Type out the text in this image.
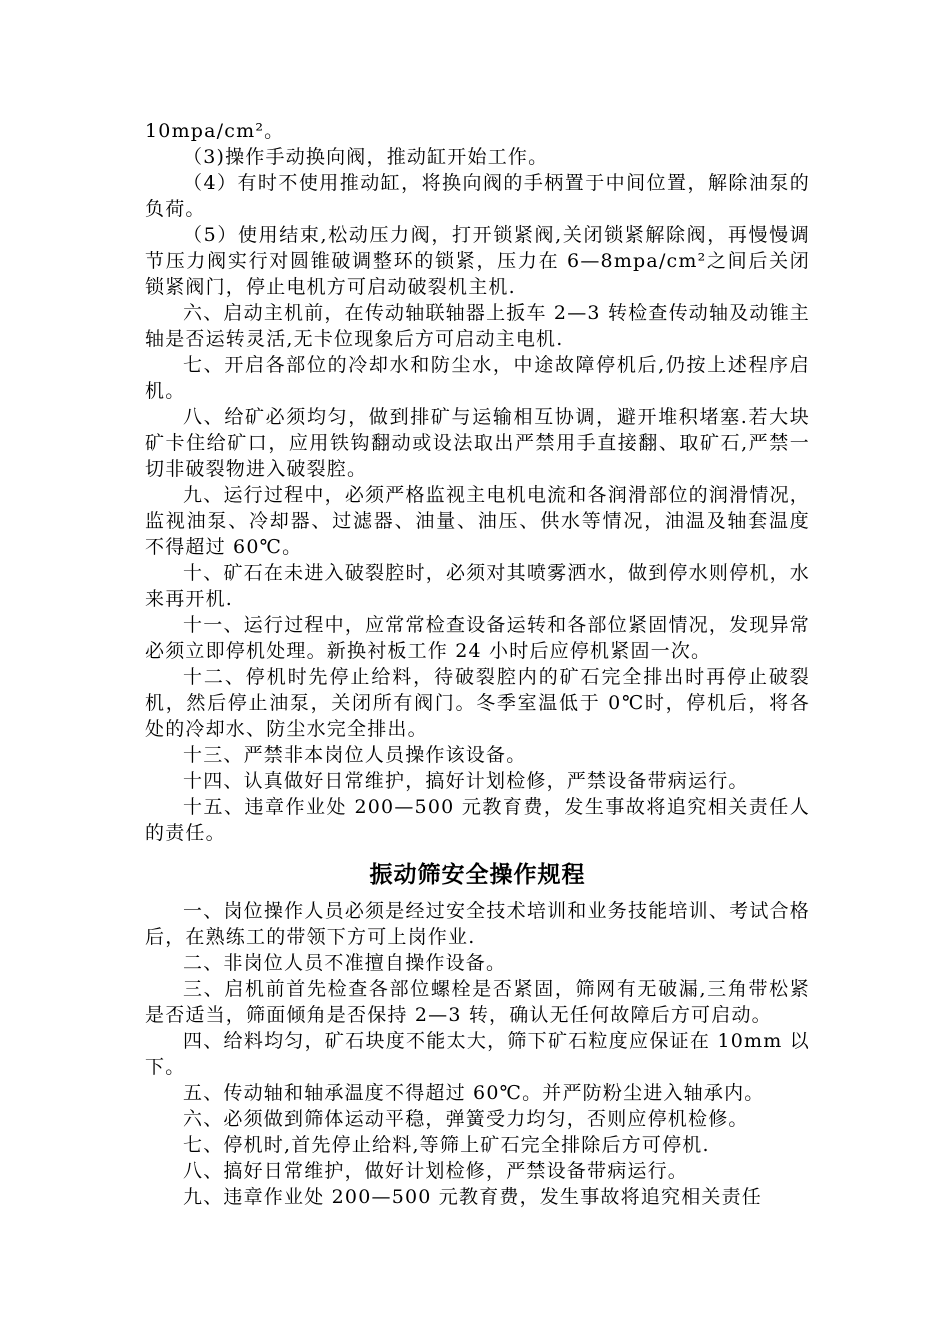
10mpa/cm²。

（3)操作手动换向阀，推动缸开始工作。

（4）有时不使用推动缸，将换向阀的手柄置于中间位置，解除油泵的负荷。

（5）使用结束,松动压力阀，打开锁紧阀,关闭锁紧解除阀，再慢慢调节压力阀实行对圆锥破调整环的锁紧，压力在 6—8mpa/cm²之间后关闭锁紧阀门，停止电机方可启动破裂机主机.

六、启动主机前，在传动轴联轴器上扳车 2—3 转检查传动轴及动锥主轴是否运转灵活,无卡位现象后方可启动主电机.

七、开启各部位的冷却水和防尘水，中途故障停机后,仍按上述程序启机。

八、给矿必须均匀，做到排矿与运输相互协调，避开堆积堵塞.若大块矿卡住给矿口，应用铁钩翻动或设法取出严禁用手直接翻、取矿石,严禁一切非破裂物进入破裂腔。

九、运行过程中，必须严格监视主电机电流和各润滑部位的润滑情况，监视油泵、冷却器、过滤器、油量、油压、供水等情况，油温及轴套温度不得超过 60℃。

十、矿石在未进入破裂腔时，必须对其喷雾洒水，做到停水则停机，水来再开机.

十一、运行过程中，应常常检查设备运转和各部位紧固情况，发现异常必须立即停机处理。新换衬板工作 24 小时后应停机紧固一次。

十二、停机时先停止给料，待破裂腔内的矿石完全排出时再停止破裂机，然后停止油泵，关闭所有阀门。冬季室温低于 0℃时，停机后，将各处的冷却水、防尘水完全排出。

十三、严禁非本岗位人员操作该设备。

十四、认真做好日常维护，搞好计划检修，严禁设备带病运行。

十五、违章作业处 200—500 元教育费，发生事故将追究相关责任人的责任。

振动筛安全操作规程

一、岗位操作人员必须是经过安全技术培训和业务技能培训、考试合格后，在熟练工的带领下方可上岗作业.

二、非岗位人员不准擅自操作设备。

三、启机前首先检查各部位螺栓是否紧固，筛网有无破漏,三角带松紧是否适当，筛面倾角是否保持 2—3 转，确认无任何故障后方可启动。

四、给料均匀，矿石块度不能太大，筛下矿石粒度应保证在 10mm 以下。

五、传动轴和轴承温度不得超过 60℃。并严防粉尘进入轴承内。

六、必须做到筛体运动平稳，弹簧受力均匀，否则应停机检修。

七、停机时,首先停止给料,等筛上矿石完全排除后方可停机.

八、搞好日常维护，做好计划检修，严禁设备带病运行。

九、违章作业处 200—500 元教育费，发生事故将追究相关责任
